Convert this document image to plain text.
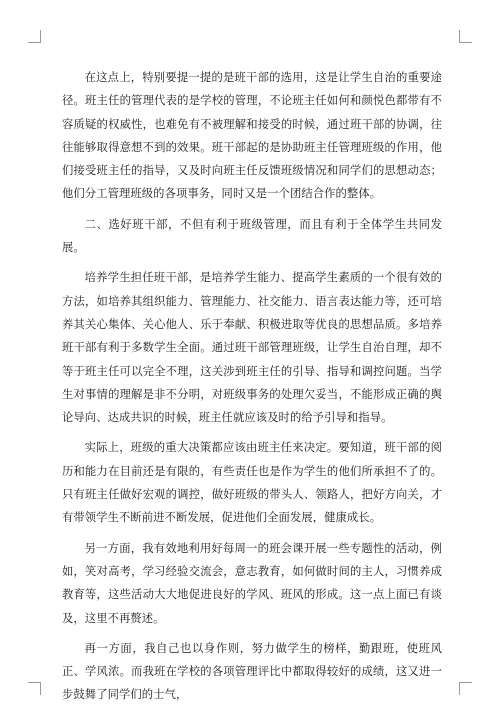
在这点上，特别要提一提的是班干部的选用，这是让学生自治的重要途径。班主任的管理代表的是学校的管理，不论班主任如何和颜悦色都带有不容质疑的权威性，也难免有不被理解和接受的时候，通过班干部的协调，往往能够取得意想不到的效果。班干部起的是协助班主任管理班级的作用，他们接受班主任的指导，又及时向班主任反馈班级情况和同学们的思想动态；他们分工管理班级的各项事务，同时又是一个团结合作的整体。

二、选好班干部，不但有利于班级管理，而且有利于全体学生共同发展。

培养学生担任班干部，是培养学生能力、提高学生素质的一个很有效的方法，如培养其组织能力、管理能力、社交能力、语言表达能力等，还可培养其关心集体、关心他人、乐于奉献、积极进取等优良的思想品质。多培养班干部有利于多数学生全面。通过班干部管理班级，让学生自治自理，却不等于班主任可以完全不理，这关涉到班主任的引导、指导和调控问题。当学生对事情的理解是非不分明，对班级事务的处理欠妥当，不能形成正确的舆论导向、达成共识的时候，班主任就应该及时的给予引导和指导。

实际上，班级的重大决策都应该由班主任来决定。要知道，班干部的阅历和能力在目前还是有限的，有些责任也是作为学生的他们所承担不了的。只有班主任做好宏观的调控，做好班级的带头人、领路人，把好方向关，才有带领学生不断前进不断发展，促进他们全面发展，健康成长。

另一方面，我有效地利用好每周一的班会课开展一些专题性的活动，例如，笑对高考，学习经验交流会，意志教育，如何做时间的主人，习惯养成教育等，这些活动大大地促进良好的学风、班风的形成。这一点上面已有谈及，这里不再赘述。

再一方面，我自己也以身作则，努力做学生的榜样，勤跟班，使班风正、学风浓。而我班在学校的各项管理评比中都取得较好的成绩，这又进一步鼓舞了同学们的士气，
